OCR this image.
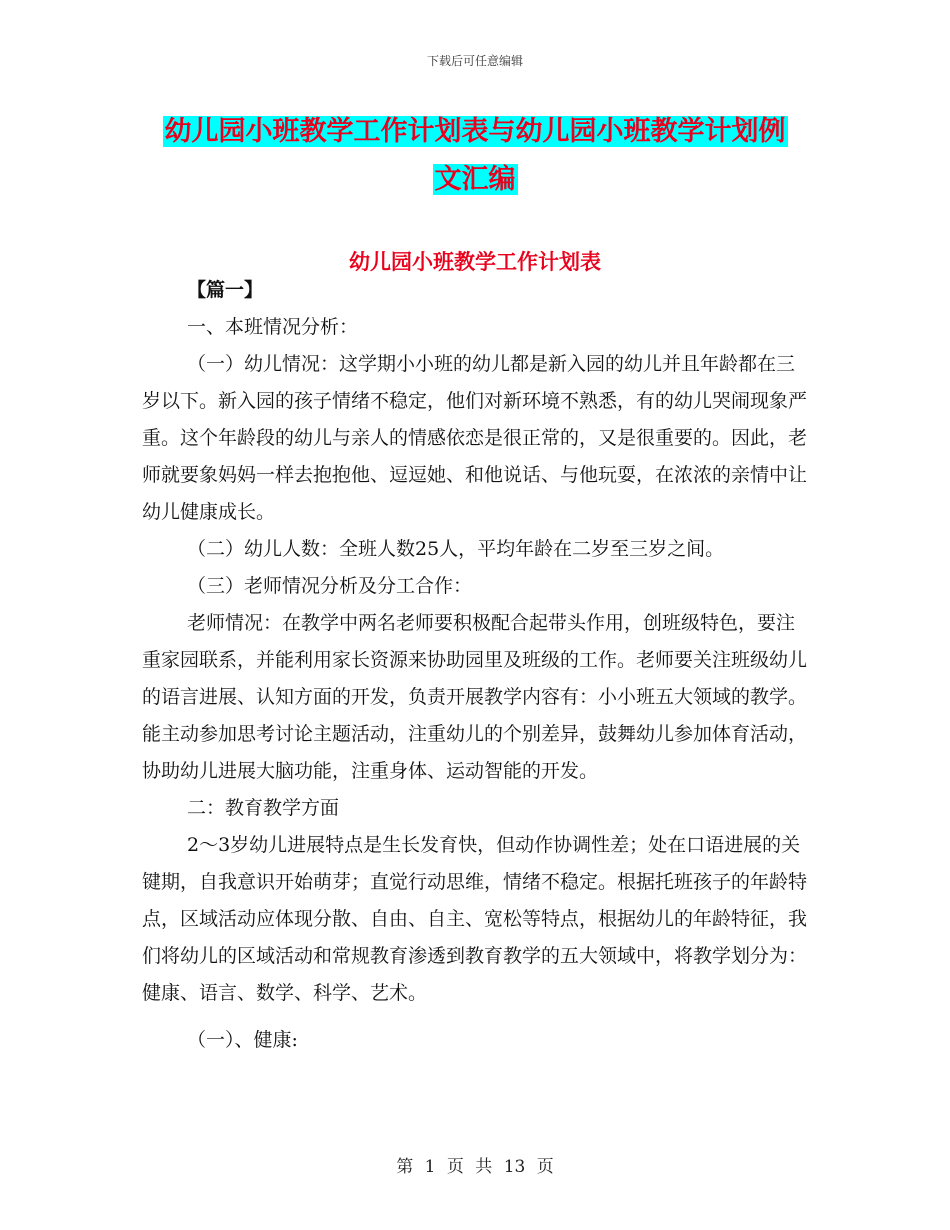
下载后可任意编辑
幼儿园小班教学工作计划表与幼儿园小班教学计划例
文汇编
幼儿园小班教学工作计划表

【篇一】

一、本班情况分析：

（一）幼儿情况：这学期小小班的幼儿都是新入园的幼儿并且年龄都在三岁以下。新入园的孩子情绪不稳定，他们对新环境不熟悉，有的幼儿哭闹现象严重。这个年龄段的幼儿与亲人的情感依恋是很正常的，又是很重要的。因此，老师就要象妈妈一样去抱抱他、逗逗她、和他说话、与他玩耍，在浓浓的亲情中让幼儿健康成长。

（二）幼儿人数：全班人数25人，平均年龄在二岁至三岁之间。

（三）老师情况分析及分工合作：

老师情况：在教学中两名老师要积极配合起带头作用，创班级特色，要注重家园联系，并能利用家长资源来协助园里及班级的工作。老师要关注班级幼儿的语言进展、认知方面的开发，负责开展教学内容有：小小班五大领域的教学。能主动参加思考讨论主题活动，注重幼儿的个别差异，鼓舞幼儿参加体育活动，协助幼儿进展大脑功能，注重身体、运动智能的开发。

二：教育教学方面

2～3岁幼儿进展特点是生长发育快，但动作协调性差；处在口语进展的关键期，自我意识开始萌芽；直觉行动思维，情绪不稳定。根据托班孩子的年龄特点，区域活动应体现分散、自由、自主、宽松等特点，根据幼儿的年龄特征，我们将幼儿的区域活动和常规教育渗透到教育教学的五大领域中，将教学划分为：健康、语言、数学、科学、艺术。

（一）、健康:

第 1 页 共 13 页
